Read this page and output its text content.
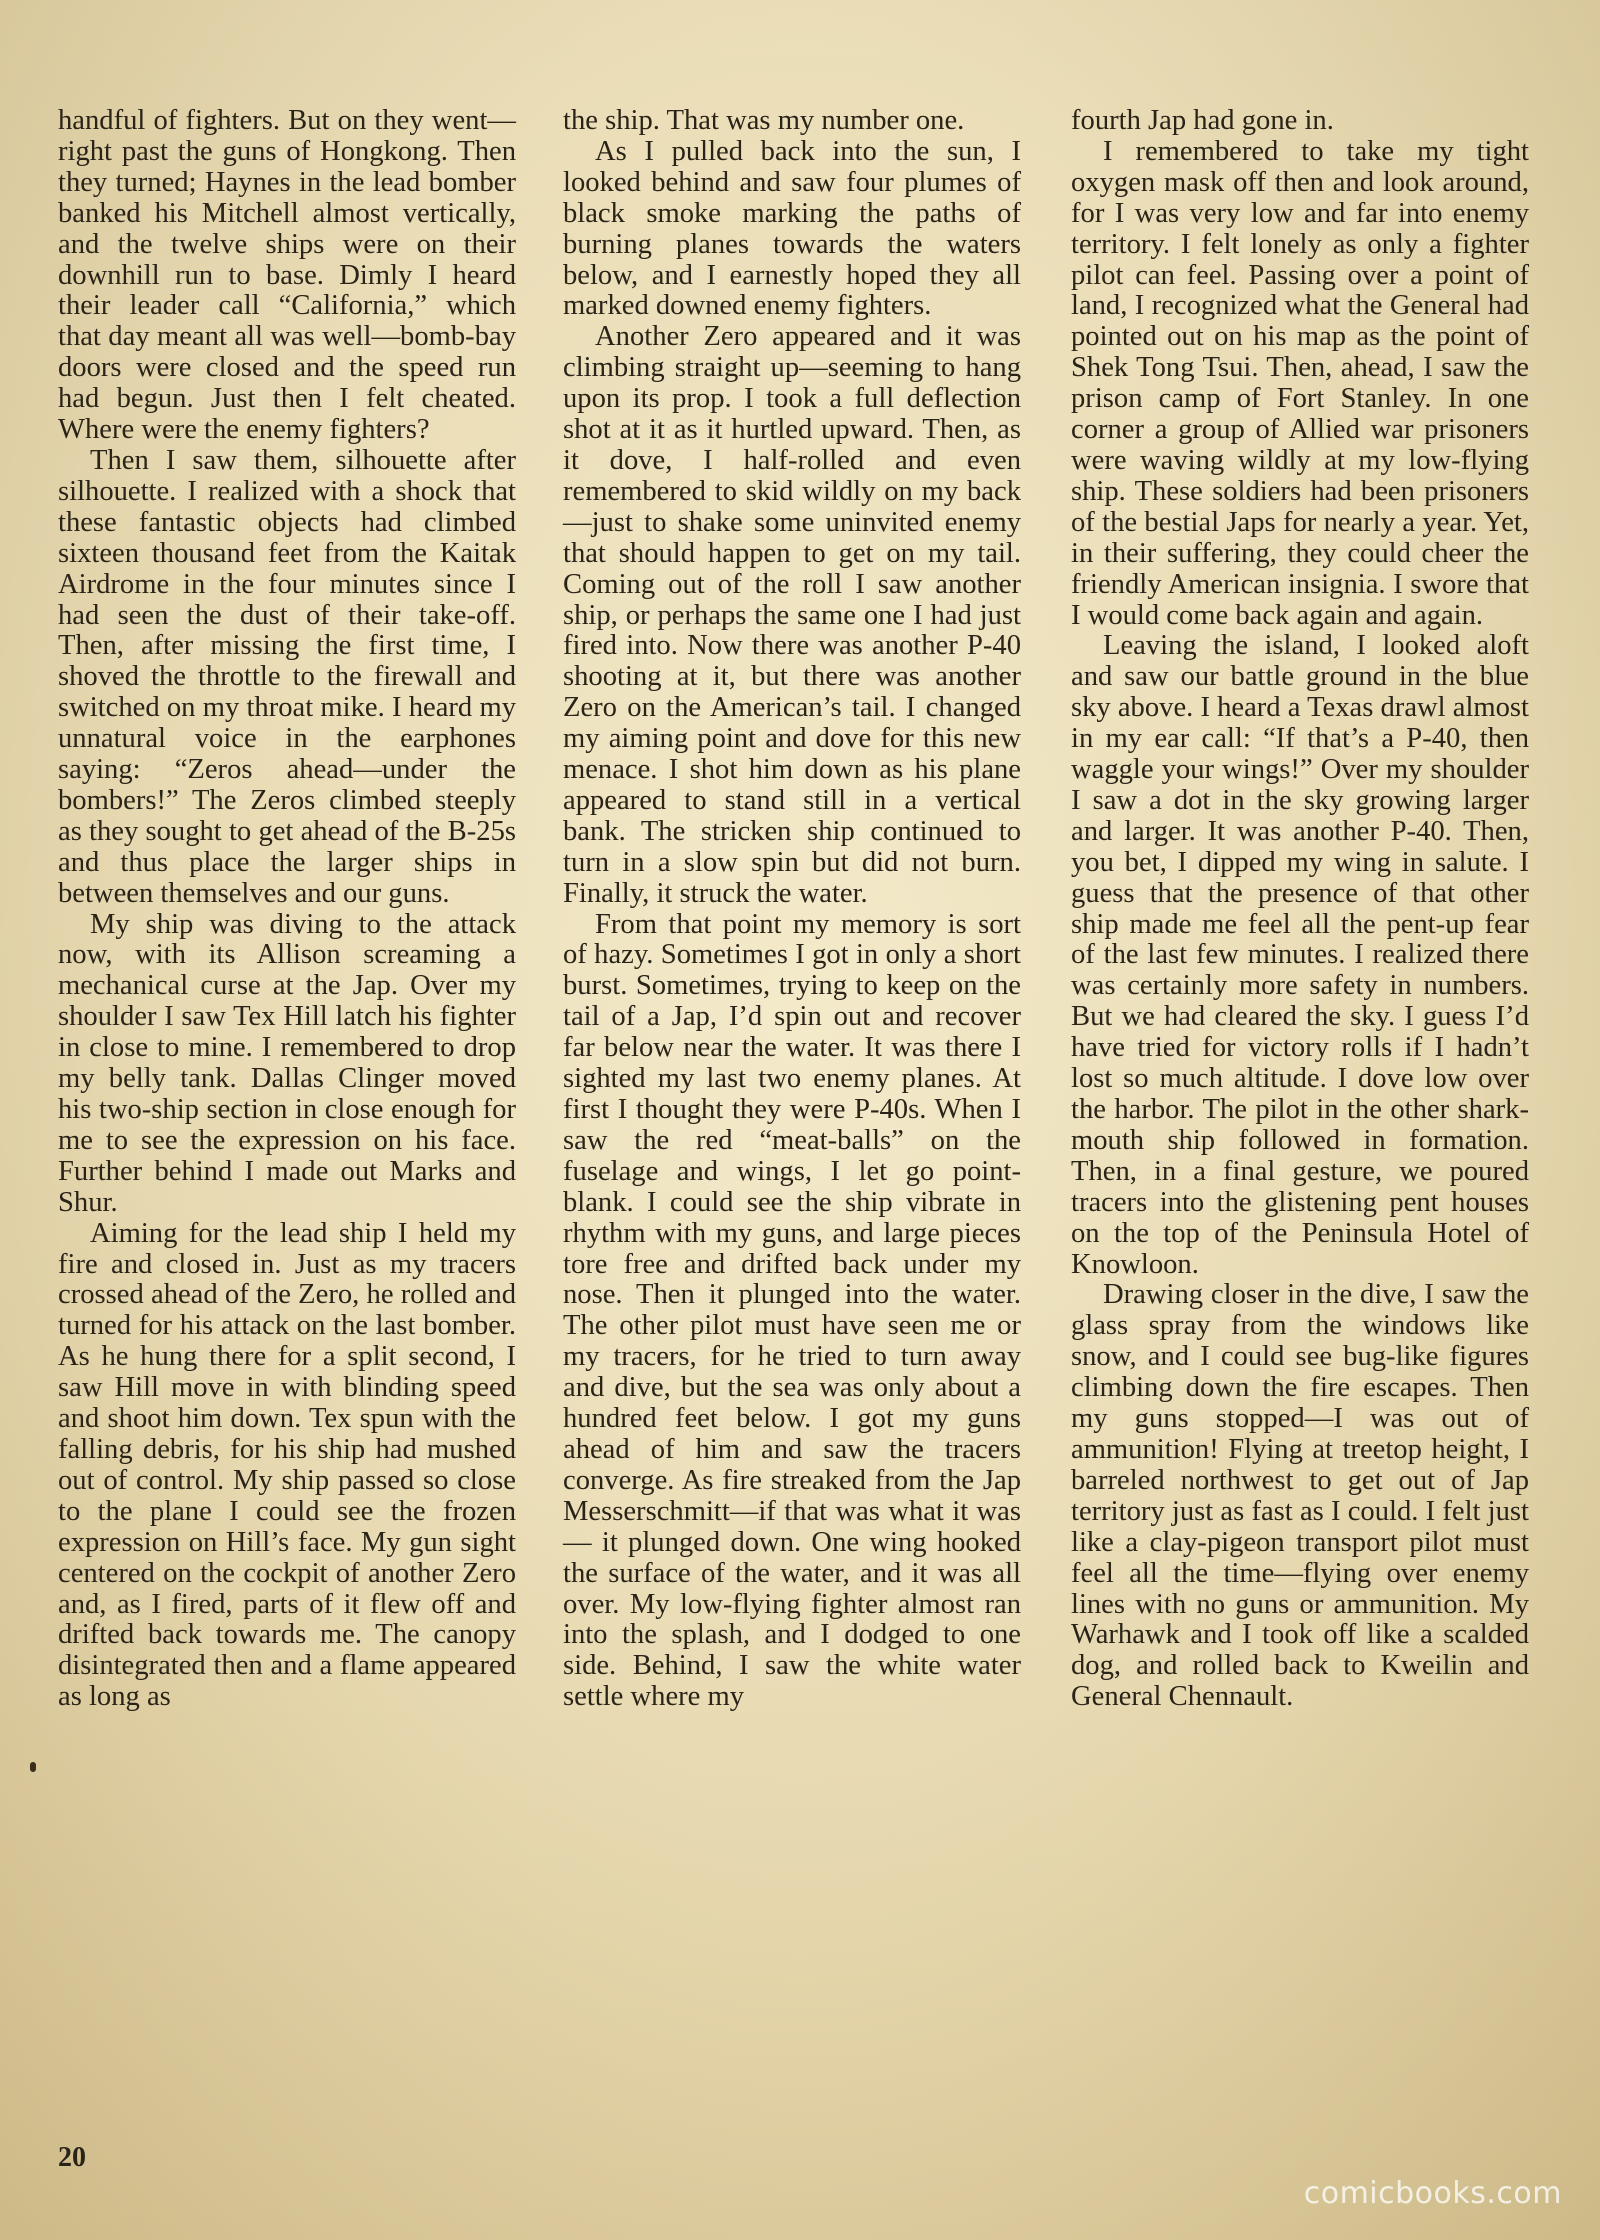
handful of fighters. But on they went—right past the guns of Hongkong. Then they turned; Haynes in the lead bomber banked his Mitchell almost vertically, and the twelve ships were on their downhill run to base. Dimly I heard their leader call “California,” which that day meant all was well—bomb-bay doors were closed and the speed run had begun. Just then I felt cheated. Where were the enemy fighters?

Then I saw them, silhouette after silhouette. I realized with a shock that these fantastic objects had climbed sixteen thousand feet from the Kaitak Airdrome in the four minutes since I had seen the dust of their take-off. Then, after missing the first time, I shoved the throttle to the firewall and switched on my throat mike. I heard my unnatural voice in the earphones saying: “Zeros ahead—under the bombers!” The Zeros climbed steeply as they sought to get ahead of the B-25s and thus place the larger ships in between themselves and our guns.

My ship was diving to the attack now, with its Allison screaming a mechanical curse at the Jap. Over my shoulder I saw Tex Hill latch his fighter in close to mine. I remembered to drop my belly tank. Dallas Clinger moved his two-ship section in close enough for me to see the expression on his face. Further behind I made out Marks and Shur.

Aiming for the lead ship I held my fire and closed in. Just as my tracers crossed ahead of the Zero, he rolled and turned for his attack on the last bomber. As he hung there for a split second, I saw Hill move in with blinding speed and shoot him down. Tex spun with the falling debris, for his ship had mushed out of control. My ship passed so close to the plane I could see the frozen expression on Hill’s face. My gun sight centered on the cockpit of another Zero and, as I fired, parts of it flew off and drifted back towards me. The canopy disintegrated then and a flame appeared as long as

the ship. That was my number one.

As I pulled back into the sun, I looked behind and saw four plumes of black smoke marking the paths of burning planes towards the waters below, and I earnestly hoped they all marked downed enemy fighters.

Another Zero appeared and it was climbing straight up—seeming to hang upon its prop. I took a full deflection shot at it as it hurtled upward. Then, as it dove, I half-rolled and even remembered to skid wildly on my back—just to shake some uninvited enemy that should happen to get on my tail. Coming out of the roll I saw another ship, or perhaps the same one I had just fired into. Now there was another P-40 shooting at it, but there was another Zero on the American’s tail. I changed my aiming point and dove for this new menace. I shot him down as his plane appeared to stand still in a vertical bank. The stricken ship continued to turn in a slow spin but did not burn. Finally, it struck the water.

From that point my memory is sort of hazy. Sometimes I got in only a short burst. Sometimes, trying to keep on the tail of a Jap, I’d spin out and recover far below near the water. It was there I sighted my last two enemy planes. At first I thought they were P-40s. When I saw the red “meat-balls” on the fuselage and wings, I let go point-blank. I could see the ship vibrate in rhythm with my guns, and large pieces tore free and drifted back under my nose. Then it plunged into the water. The other pilot must have seen me or my tracers, for he tried to turn away and dive, but the sea was only about a hundred feet below. I got my guns ahead of him and saw the tracers converge. As fire streaked from the Jap Messerschmitt—if that was what it was — it plunged down. One wing hooked the surface of the water, and it was all over. My low-flying fighter almost ran into the splash, and I dodged to one side. Behind, I saw the white water settle where my

fourth Jap had gone in.

I remembered to take my tight oxygen mask off then and look around, for I was very low and far into enemy territory. I felt lonely as only a fighter pilot can feel. Passing over a point of land, I recognized what the General had pointed out on his map as the point of Shek Tong Tsui. Then, ahead, I saw the prison camp of Fort Stanley. In one corner a group of Allied war prisoners were waving wildly at my low-flying ship. These soldiers had been prisoners of the bestial Japs for nearly a year. Yet, in their suffering, they could cheer the friendly American insignia. I swore that I would come back again and again.

Leaving the island, I looked aloft and saw our battle ground in the blue sky above. I heard a Texas drawl almost in my ear call: “If that’s a P-40, then waggle your wings!” Over my shoulder I saw a dot in the sky growing larger and larger. It was another P-40. Then, you bet, I dipped my wing in salute. I guess that the presence of that other ship made me feel all the pent-up fear of the last few minutes. I realized there was certainly more safety in numbers. But we had cleared the sky. I guess I’d have tried for victory rolls if I hadn’t lost so much altitude. I dove low over the harbor. The pilot in the other shark-mouth ship followed in formation. Then, in a final gesture, we poured tracers into the glistening pent houses on the top of the Peninsula Hotel of Knowloon.

Drawing closer in the dive, I saw the glass spray from the windows like snow, and I could see bug-like figures climbing down the fire escapes. Then my guns stopped—I was out of ammunition! Flying at treetop height, I barreled northwest to get out of Jap territory just as fast as I could. I felt just like a clay-pigeon transport pilot must feel all the time—flying over enemy lines with no guns or ammunition. My Warhawk and I took off like a scalded dog, and rolled back to Kweilin and General Chennault.

20
comicbooks.com
